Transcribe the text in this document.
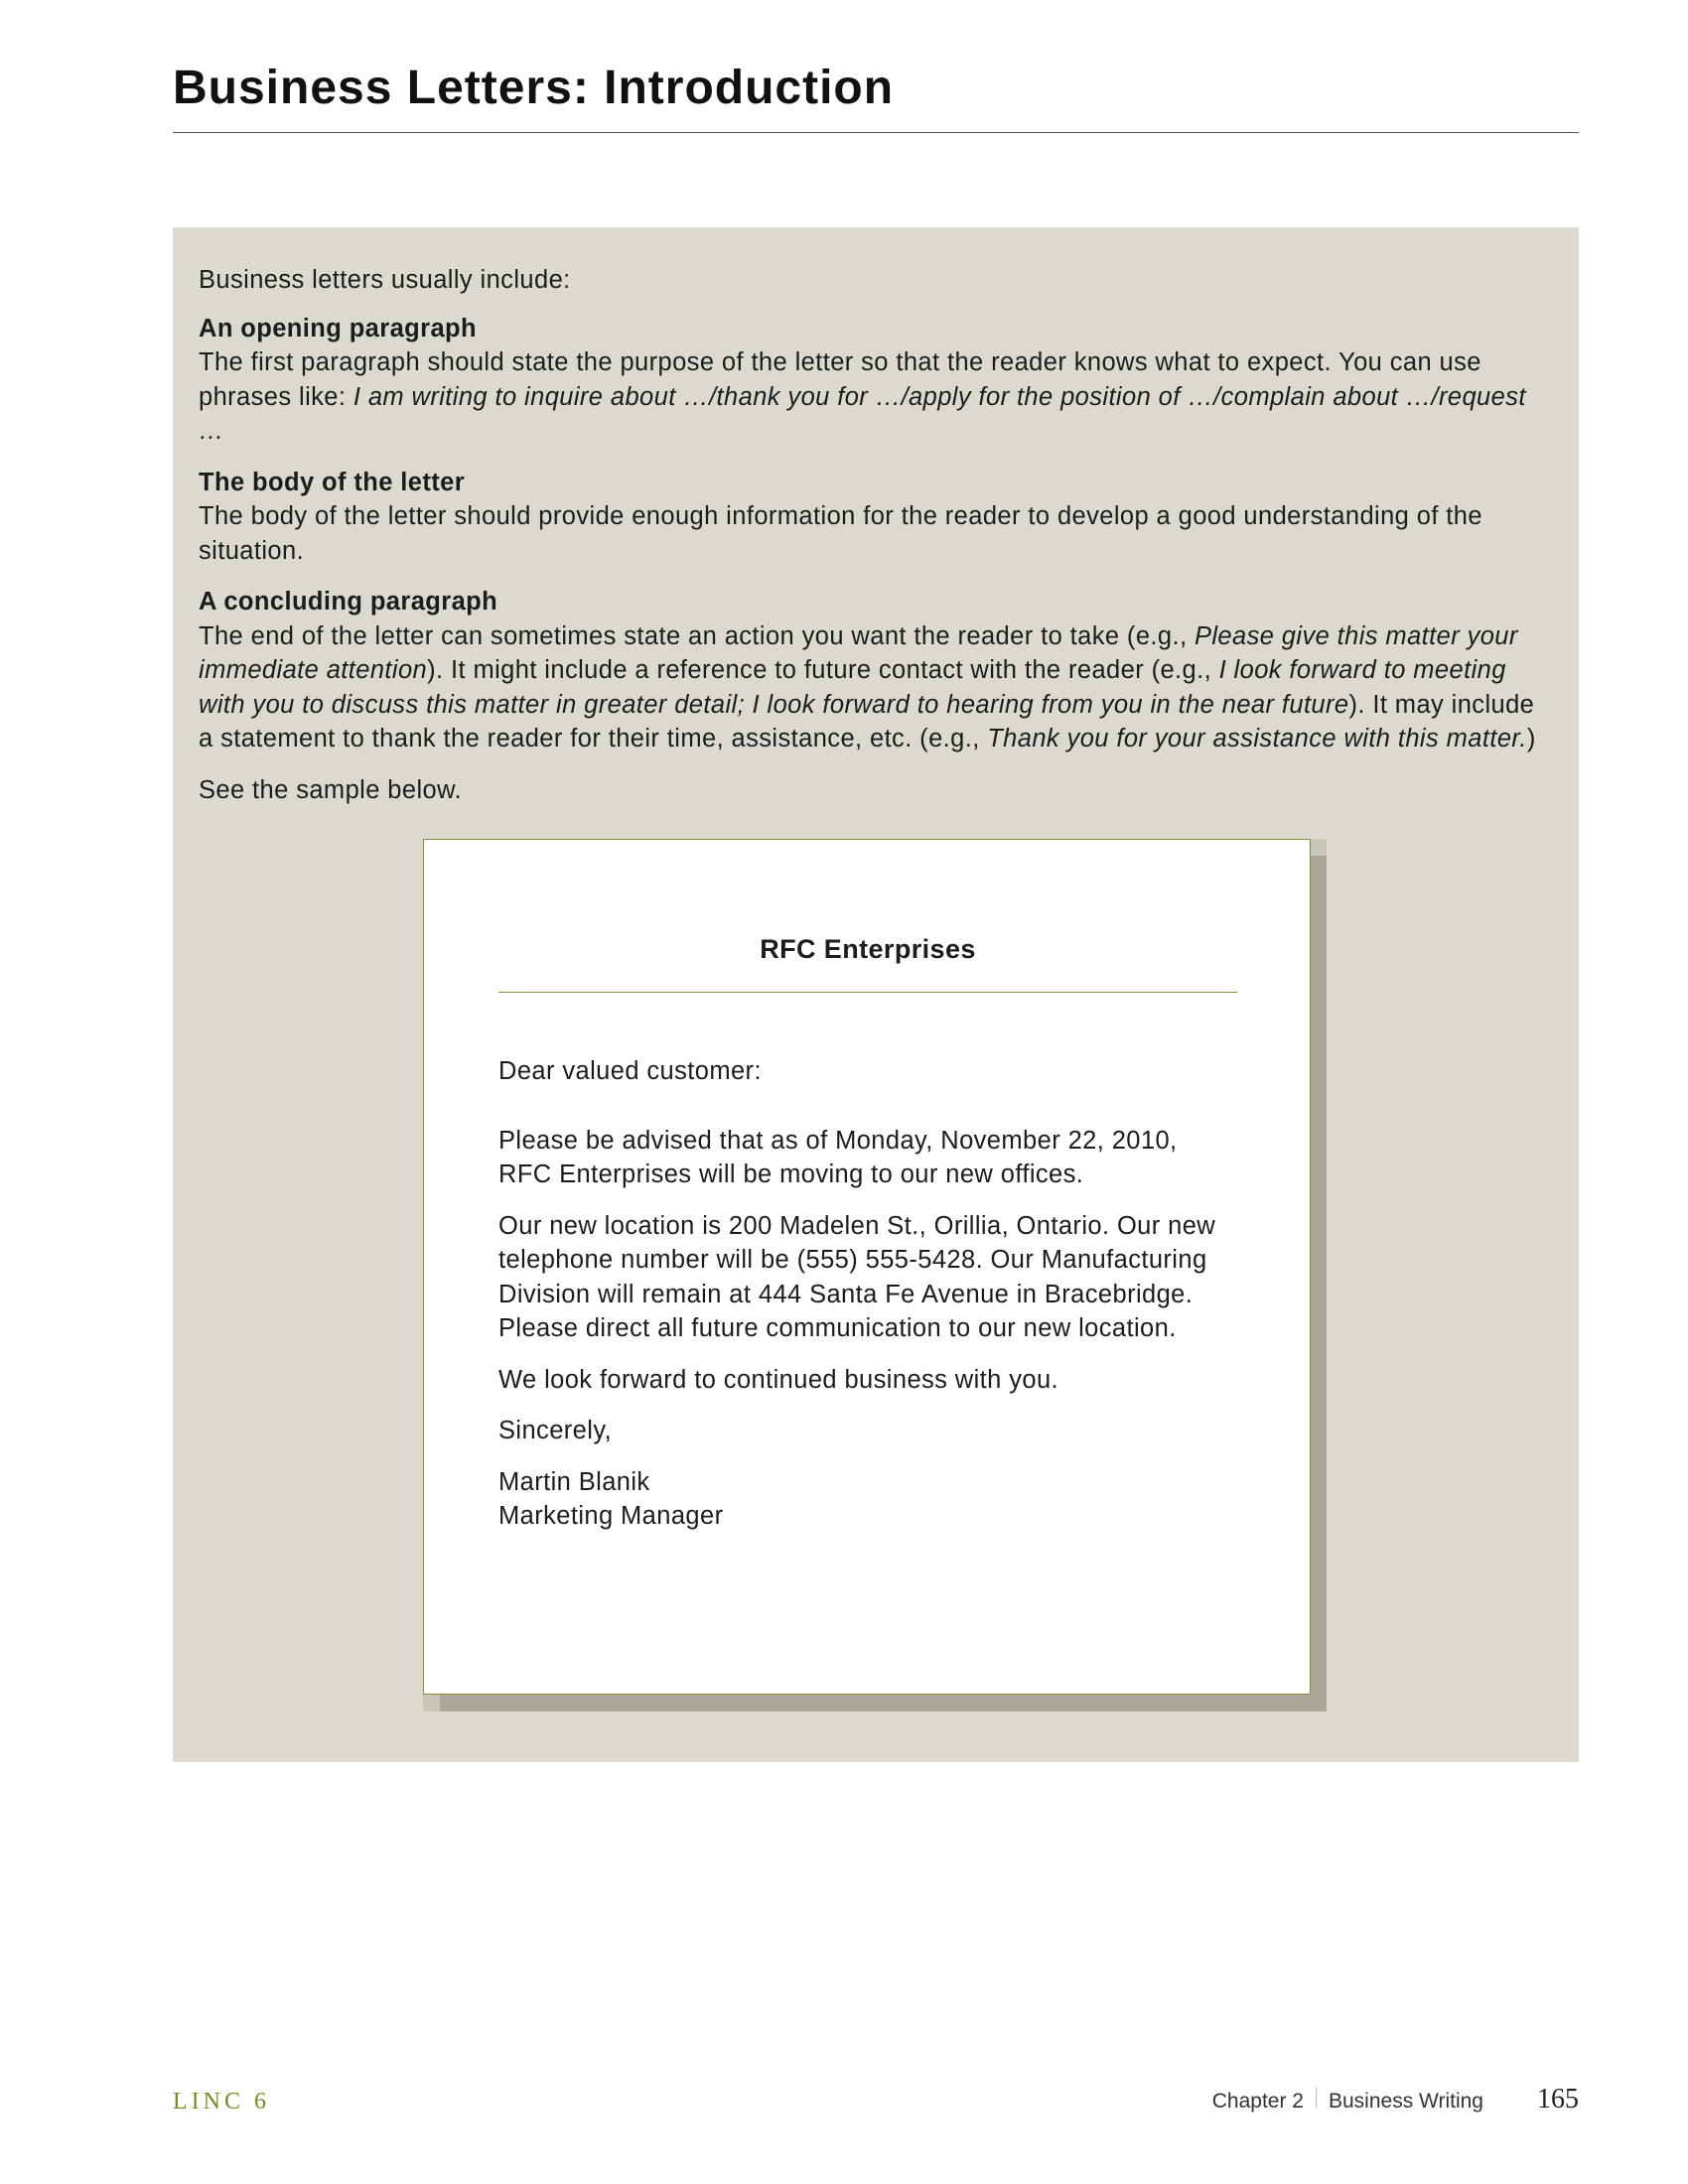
Business Letters: Introduction

Business letters usually include:

An opening paragraph
The first paragraph should state the purpose of the letter so that the reader knows what to expect. You can use phrases like: I am writing to inquire about …/thank you for …/apply for the position of …/complain about …/request …

The body of the letter
The body of the letter should provide enough information for the reader to develop a good understanding of the situation.

A concluding paragraph
The end of the letter can sometimes state an action you want the reader to take (e.g., Please give this matter your immediate attention). It might include a reference to future contact with the reader (e.g., I look forward to meeting with you to discuss this matter in greater detail; I look forward to hearing from you in the near future). It may include a statement to thank the reader for their time, assistance, etc. (e.g., Thank you for your assistance with this matter.)

See the sample below.

RFC Enterprises

Dear valued customer:

Please be advised that as of Monday, November 22, 2010,
RFC Enterprises will be moving to our new offices.

Our new location is 200 Madelen St., Orillia, Ontario. Our new
telephone number will be (555) 555-5428. Our Manufacturing
Division will remain at 444 Santa Fe Avenue in Bracebridge.
Please direct all future communication to our new location.

We look forward to continued business with you.

Sincerely,

Martin Blanik
Marketing Manager

LINC 6	Chapter 2 Business Writing 165
